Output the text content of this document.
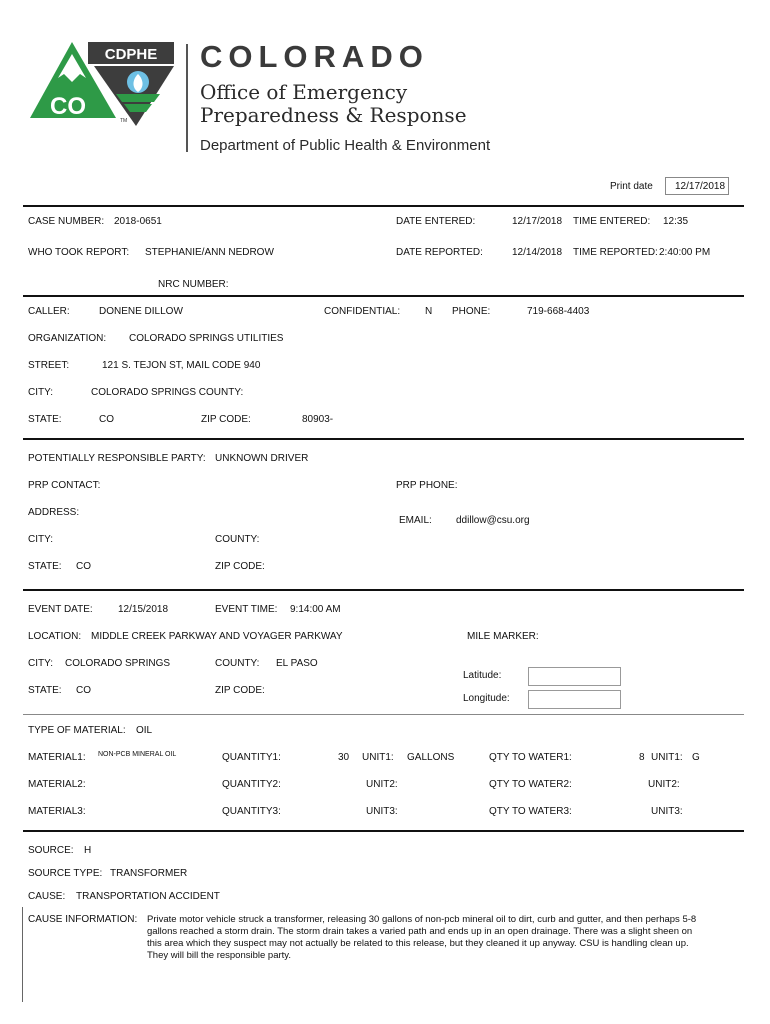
CDPHE
CO
TM
COLORADO
Office of Emergency
Preparedness & Response
Department of Public Health & Environment
Print date 12/17/2018
CASE NUMBER: 2018-0651	DATE ENTERED:	12/17/2018 TIME ENTERED: 12:35
WHO TOOK REPORT: STEPHANIE/ANN NEDROW	DATE REPORTED:	12/14/2018 TIME REPORTED: 2:40:00 PM
NRC NUMBER:
CALLER:	DONENE DILLOW	CONFIDENTIAL: N PHONE:	719-668-4403
ORGANIZATION: COLORADO SPRINGS UTILITIES
STREET:	121 S. TEJON ST, MAIL CODE 940
CITY:	COLORADO SPRINGS COUNTY:
STATE:	CO	ZIP CODE:	80903-
POTENTIALLY RESPONSIBLE PARTY: UNKNOWN DRIVER
PRP CONTACT:	PRP PHONE:
ADDRESS:
EMAIL: ddillow@csu.org
CITY:	COUNTY:
STATE: CO	ZIP CODE:
EVENT DATE:	12/15/2018	EVENT TIME: 9:14:00 AM
LOCATION: MIDDLE CREEK PARKWAY AND VOYAGER PARKWAY	MILE MARKER:
CITY: COLORADO SPRINGS	COUNTY: EL PASO
Latitude:
STATE: CO	ZIP CODE:
Longitude:
TYPE OF MATERIAL: OIL
MATERIAL1: NON-PCB MINERAL OIL	QUANTITY1:	30 UNIT1: GALLONS	QTY TO WATER1:	8 UNIT1: G
MATERIAL2:	QUANTITY2:	UNIT2:	QTY TO WATER2:	UNIT2:
MATERIAL3:	QUANTITY3:	UNIT3:	QTY TO WATER3:	UNIT3:
SOURCE: H
SOURCE TYPE: TRANSFORMER
CAUSE: TRANSPORTATION ACCIDENT
CAUSE INFORMATION: Private motor vehicle struck a transformer, releasing 30 gallons of non-pcb mineral oil to dirt, curb and gutter, and then perhaps 5-8 gallons reached a storm drain. The storm drain takes a varied path and ends up in an open drainage. There was a slight sheen on this area which they suspect may not actually be related to this release, but they cleaned it up anyway. CSU is handling clean up. They will bill the responsible party.
